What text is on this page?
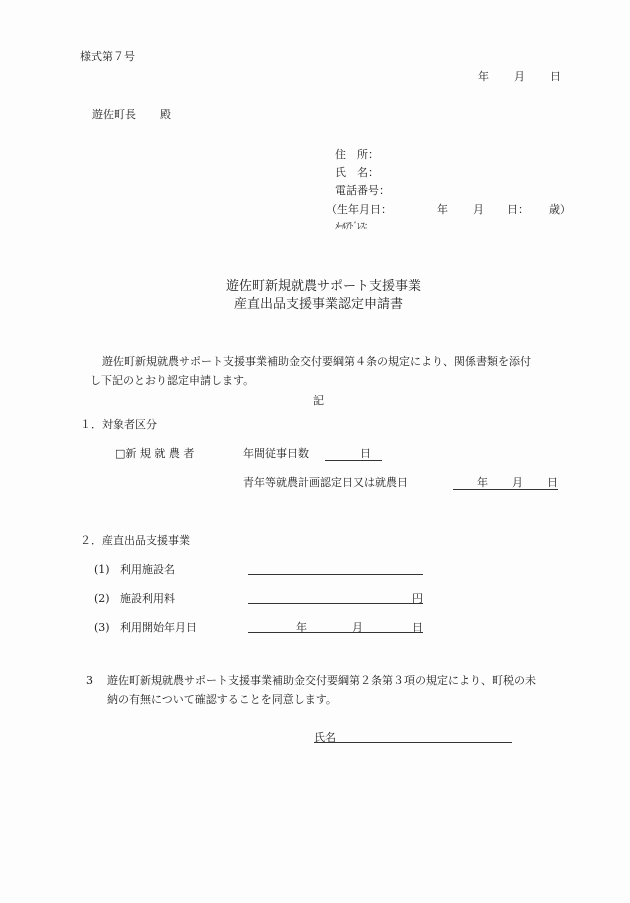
様式第７号
年 月 日
遊佐町長 殿
住　所：
氏　名：
電話番号：
（生年月日：	年 月 日： 歳）
ﾒｰﾙｱﾄﾞﾚｽ：
遊佐町新規就農サポート支援事業
産直出品支援事業認定申請書
遊佐町新規就農サポート支援事業補助金交付要綱第４条の規定により、関係書類を添付
し下記のとおり認定申請します。
記
１．対象者区分
□新 規 就 農 者	年間従事日数	日
青年等就農計画認定日又は就農日	年 月 日
２．産直出品支援事業
(1) 利用施設名
(2) 施設利用料	円
(3) 利用開始年月日	年	月	日
3 遊佐町新規就農サポート支援事業補助金交付要綱第２条第３項の規定により、町税の未
納の有無について確認することを同意します。
氏名
